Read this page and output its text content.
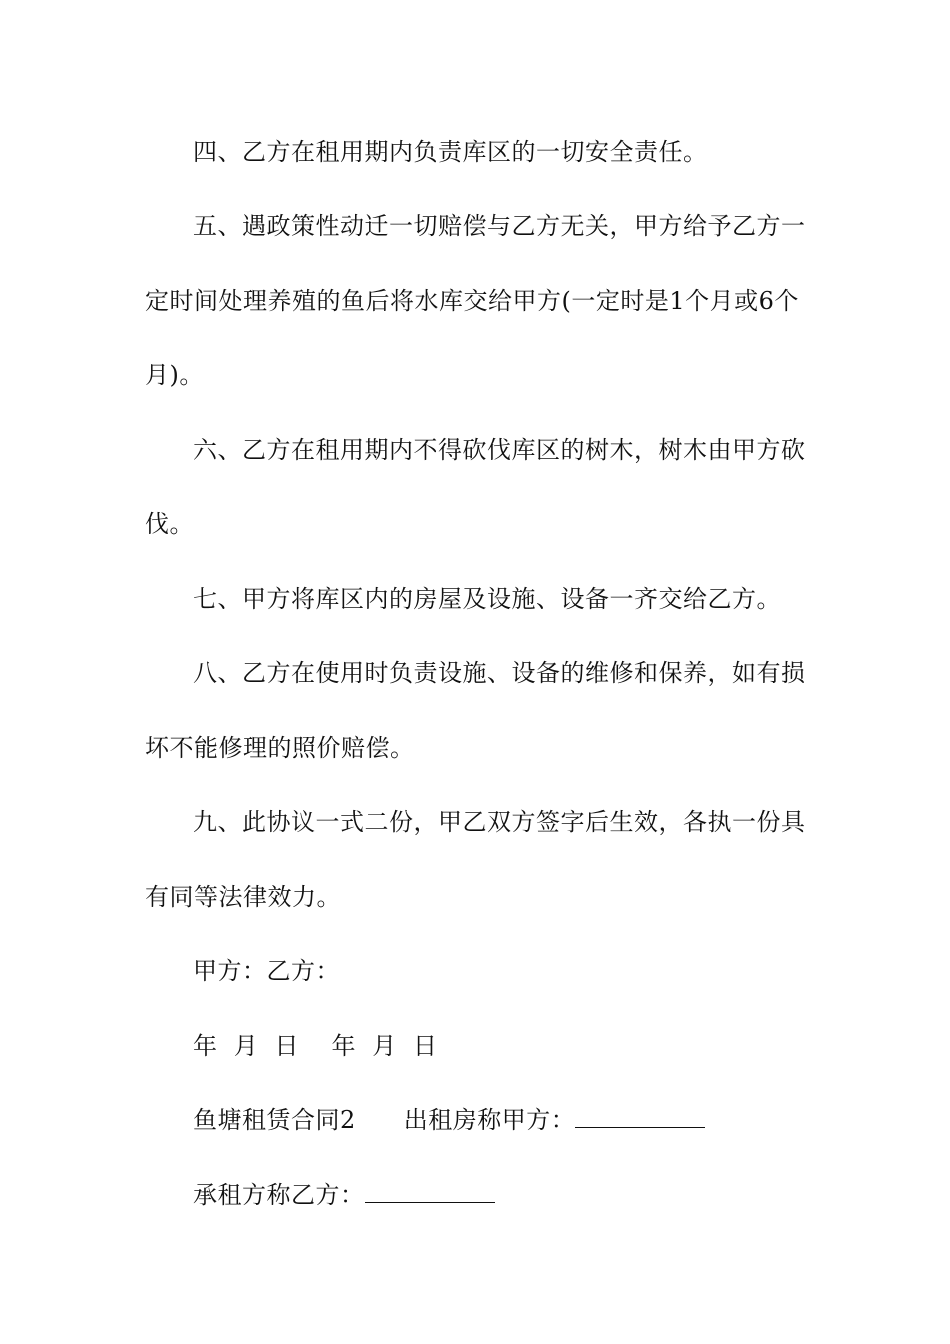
四、乙方在租用期内负责库区的一切安全责任。
五、遇政策性动迁一切赔偿与乙方无关，甲方给予乙方一
定时间处理养殖的鱼后将水库交给甲方(一定时是1个月或6个
月)。
六、乙方在租用期内不得砍伐库区的树木，树木由甲方砍
伐。
七、甲方将库区内的房屋及设施、设备一齐交给乙方。
八、乙方在使用时负责设施、设备的维修和保养，如有损
坏不能修理的照价赔偿。
九、此协议一式二份，甲乙双方签字后生效，各执一份具
有同等法律效力。
甲方：乙方：
年  月  日    年  月  日
鱼塘租赁合同2 出租房称甲方：
承租方称乙方：
